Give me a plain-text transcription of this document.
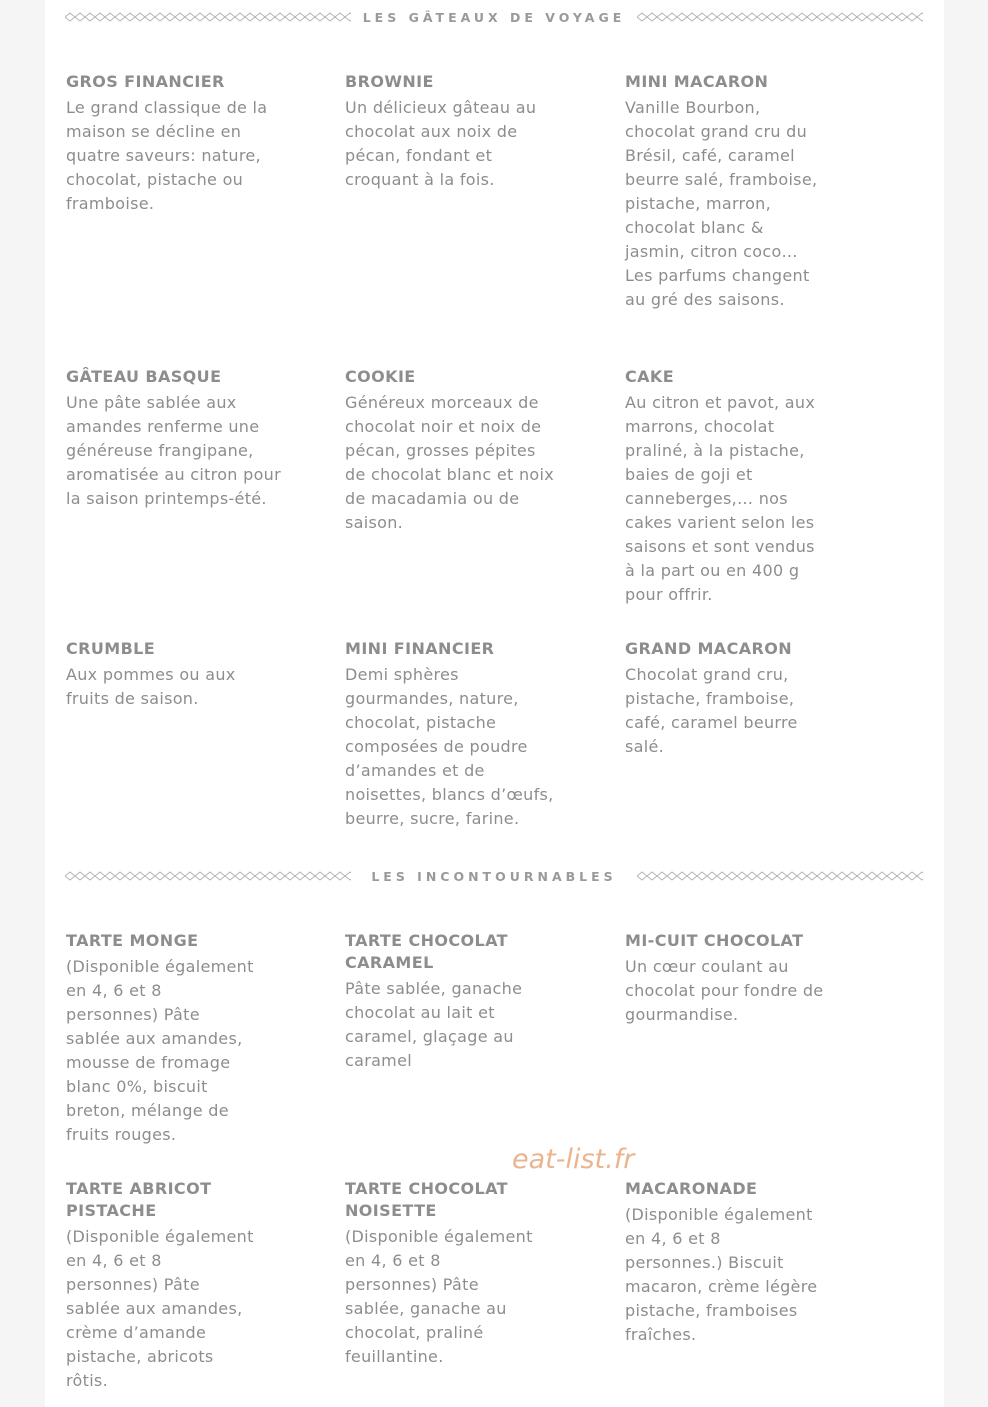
LES GÂTEAUX DE VOYAGE
GROS FINANCIER

Le grand classique de la maison se décline en quatre saveurs: nature, chocolat, pistache ou framboise.

BROWNIE

Un délicieux gâteau au chocolat aux noix de pécan, fondant et croquant à la fois.

MINI MACARON

Vanille Bourbon, chocolat grand cru du Brésil, café, caramel beurre salé, framboise, pistache, marron, chocolat blanc & jasmin, citron coco… Les parfums changent au gré des saisons.

GÂTEAU BASQUE

Une pâte sablée aux amandes renferme une généreuse frangipane, aromatisée au citron pour la saison printemps-été.

COOKIE

Généreux morceaux de chocolat noir et noix de pécan, grosses pépites de chocolat blanc et noix de macadamia ou de saison.

CAKE

Au citron et pavot, aux marrons, chocolat praliné, à la pistache, baies de goji et canneberges,… nos cakes varient selon les saisons et sont vendus à la part ou en 400 g pour offrir.

CRUMBLE

Aux pommes ou aux fruits de saison.

MINI FINANCIER

Demi sphères gourmandes, nature, chocolat, pistache composées de poudre d’amandes et de noisettes, blancs d’œufs, beurre, sucre, farine.

GRAND MACARON

Chocolat grand cru, pistache, framboise, café, caramel beurre salé.

LES INCONTOURNABLES
TARTE MONGE

(Disponible également en 4, 6 et 8 personnes) Pâte sablée aux amandes, mousse de fromage blanc 0%, biscuit breton, mélange de fruits rouges.

TARTE CHOCOLAT CARAMEL

Pâte sablée, ganache chocolat au lait et caramel, glaçage au caramel

MI-CUIT CHOCOLAT

Un cœur coulant au chocolat pour fondre de gourmandise.

TARTE ABRICOT PISTACHE

(Disponible également en 4, 6 et 8 personnes) Pâte sablée aux amandes, crème d’amande pistache, abricots rôtis.

TARTE CHOCOLAT NOISETTE

(Disponible également en 4, 6 et 8 personnes) Pâte sablée, ganache au chocolat, praliné feuillantine.

MACARONADE

(Disponible également en 4, 6 et 8 personnes.) Biscuit macaron, crème légère pistache, framboises fraîches.

eat-list.fr
